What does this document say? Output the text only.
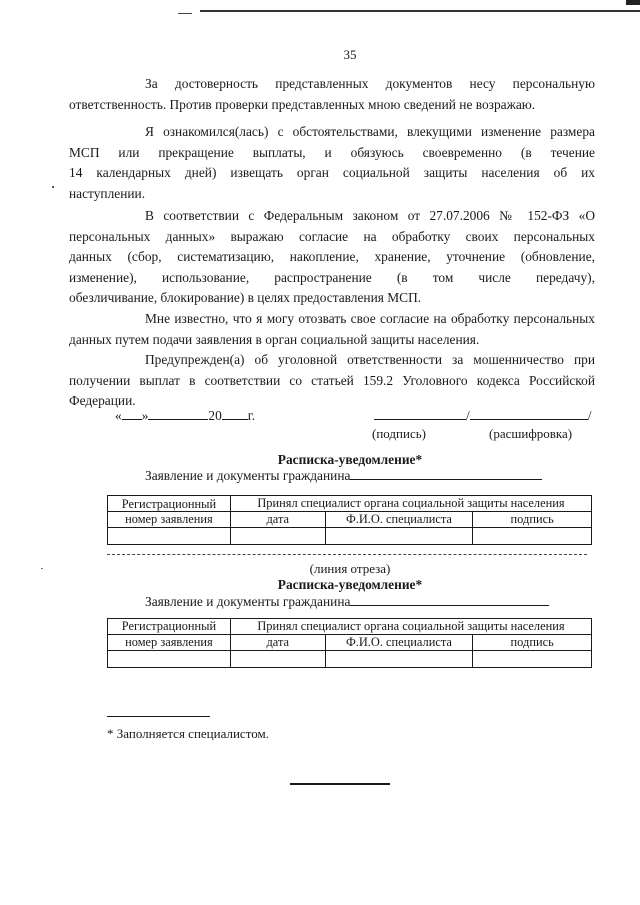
35

За достоверность представленных документов несу персональную
ответственность. Против проверки представленных мною сведений не возражаю.

Я ознакомился(лась) с обстоятельствами, влекущими изменение размера
МСП или прекращение выплаты, и обязуюсь своевременно (в течение
14 календарных дней) извещать орган социальной защиты населения об их
наступлении.

В соответствии с Федеральным законом от 27.07.2006 № 152-ФЗ «О
персональных данных» выражаю согласие на обработку своих персональных
данных (сбор, систематизацию, накопление, хранение, уточнение (обновление,
изменение), использование, распространение (в том числе передачу),
обезличивание, блокирование) в целях предоставления МСП.

Мне известно, что я могу отозвать свое согласие на обработку персональных
данных путем подачи заявления в орган социальной защиты населения.

Предупрежден(а) об уголовной ответственности за мошенничество при
получении выплат в соответствии со статьей 159.2 Уголовного кодекса Российской
Федерации.

« »	20 г.	/	/
(подпись)	(расшифровка)
Расписка-уведомление*
Заявление и документы гражданина
Регистрационный	Принял специалист органа социальной защиты населения		
номер заявления	дата	Ф.И.О. специалиста	подпись

(линия отреза)
Расписка-уведомление*
Заявление и документы гражданина
Регистрационный	Принял специалист органа социальной защиты населения		
номер заявления	дата	Ф.И.О. специалиста	подпись

* Заполняется специалистом.
